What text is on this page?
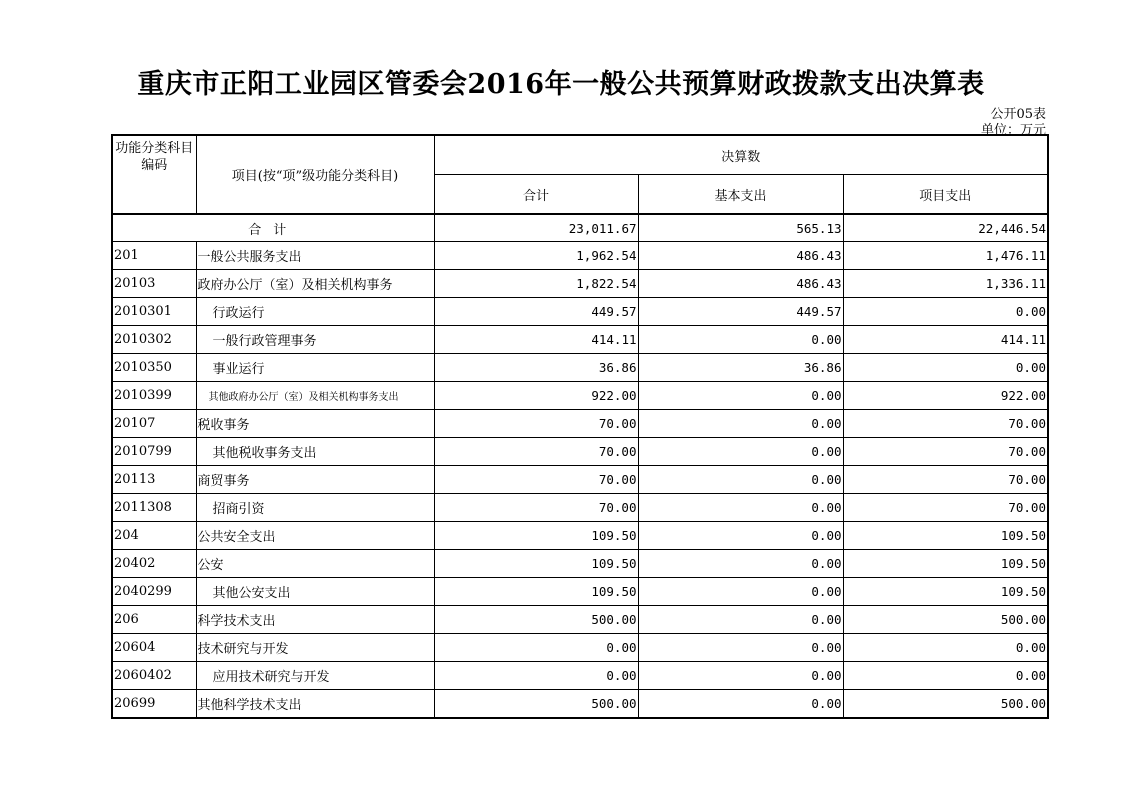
重庆市正阳工业园区管委会2016年一般公共预算财政拨款支出决算表
公开05表
单位：万元
功能分类科目编码	项目(按“项”级功能分类科目)	决算数		
		合计	基本支出	项目支出
合计		23,011.67	565.13	22,446.54
201	一般公共服务支出	1,962.54	486.43	1,476.11
20103	政府办公厅（室）及相关机构事务	1,822.54	486.43	1,336.11
2010301	行政运行	449.57	449.57	0.00
2010302	一般行政管理事务	414.11	0.00	414.11
2010350	事业运行	36.86	36.86	0.00
2010399	其他政府办公厅（室）及相关机构事务支出	922.00	0.00	922.00
20107	税收事务	70.00	0.00	70.00
2010799	其他税收事务支出	70.00	0.00	70.00
20113	商贸事务	70.00	0.00	70.00
2011308	招商引资	70.00	0.00	70.00
204	公共安全支出	109.50	0.00	109.50
20402	公安	109.50	0.00	109.50
2040299	其他公安支出	109.50	0.00	109.50
206	科学技术支出	500.00	0.00	500.00
20604	技术研究与开发	0.00	0.00	0.00
2060402	应用技术研究与开发	0.00	0.00	0.00
20699	其他科学技术支出	500.00	0.00	500.00
